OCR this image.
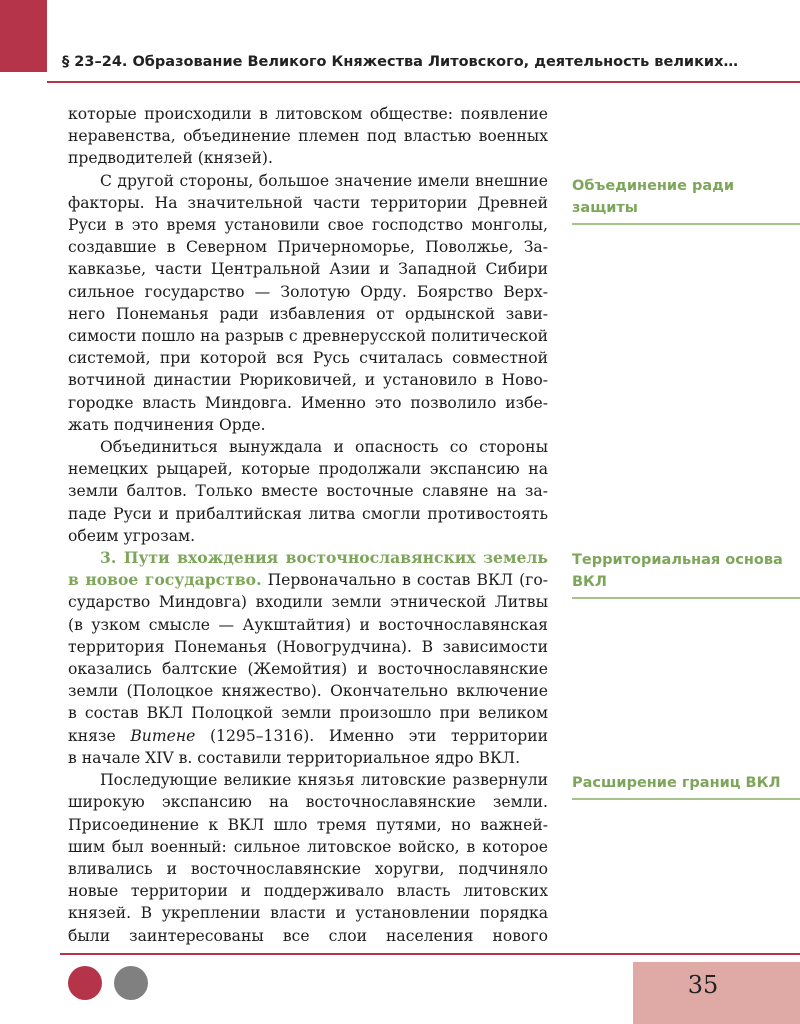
§ 23–24. Образование Великого Княжества Литовского, деятельность великих…
которые происходили в литовском обществе: появление
неравенства, объединение племен под властью военных
предводителей (князей).
С другой стороны, большое значение имели внешние
факторы. На значительной части территории Древней
Руси в это время установили свое господство монголы,
создавшие в Северном Причерноморье, Поволжье, За-
кавказье, части Центральной Азии и Западной Сибири
сильное государство — Золотую Орду. Боярство Верх-
него Понеманья ради избавления от ордынской зави-
симости пошло на разрыв с древнерусской политической
системой, при которой вся Русь считалась совместной
вотчиной династии Рюриковичей, и установило в Ново-
городке власть Миндовга. Именно это позволило избе-
жать подчинения Орде.
Объединиться вынуждала и опасность со стороны
немецких рыцарей, которые продолжали экспансию на
земли балтов. Только вместе восточные славяне на за-
паде Руси и прибалтийская литва смогли противостоять
обеим угрозам.
3. Пути вхождения восточнославянских земель
в новое государство. Первоначально в состав ВКЛ (го-
сударство Миндовга) входили земли этнической Литвы
(в узком смысле — Аукштайтия) и восточнославянская
территория Понеманья (Новогрудчина). В зависимости
оказались балтские (Жемойтия) и восточнославянские
земли (Полоцкое княжество). Окончательно включение
в состав ВКЛ Полоцкой земли произошло при великом
князе Витене (1295–1316). Именно эти территории
в начале XIV в. составили территориальное ядро ВКЛ.
Последующие великие князья литовские развернули
широкую экспансию на восточнославянские земли.
Присоединение к ВКЛ шло тремя путями, но важней-
шим был военный: сильное литовское войско, в которое
вливались и восточнославянские хоругви, подчиняло
новые территории и поддерживало власть литовских
князей. В укреплении власти и установлении порядка
были заинтересованы все слои населения нового
Объединение ради защиты
Территориальная основа ВКЛ
Расширение границ ВКЛ
35
